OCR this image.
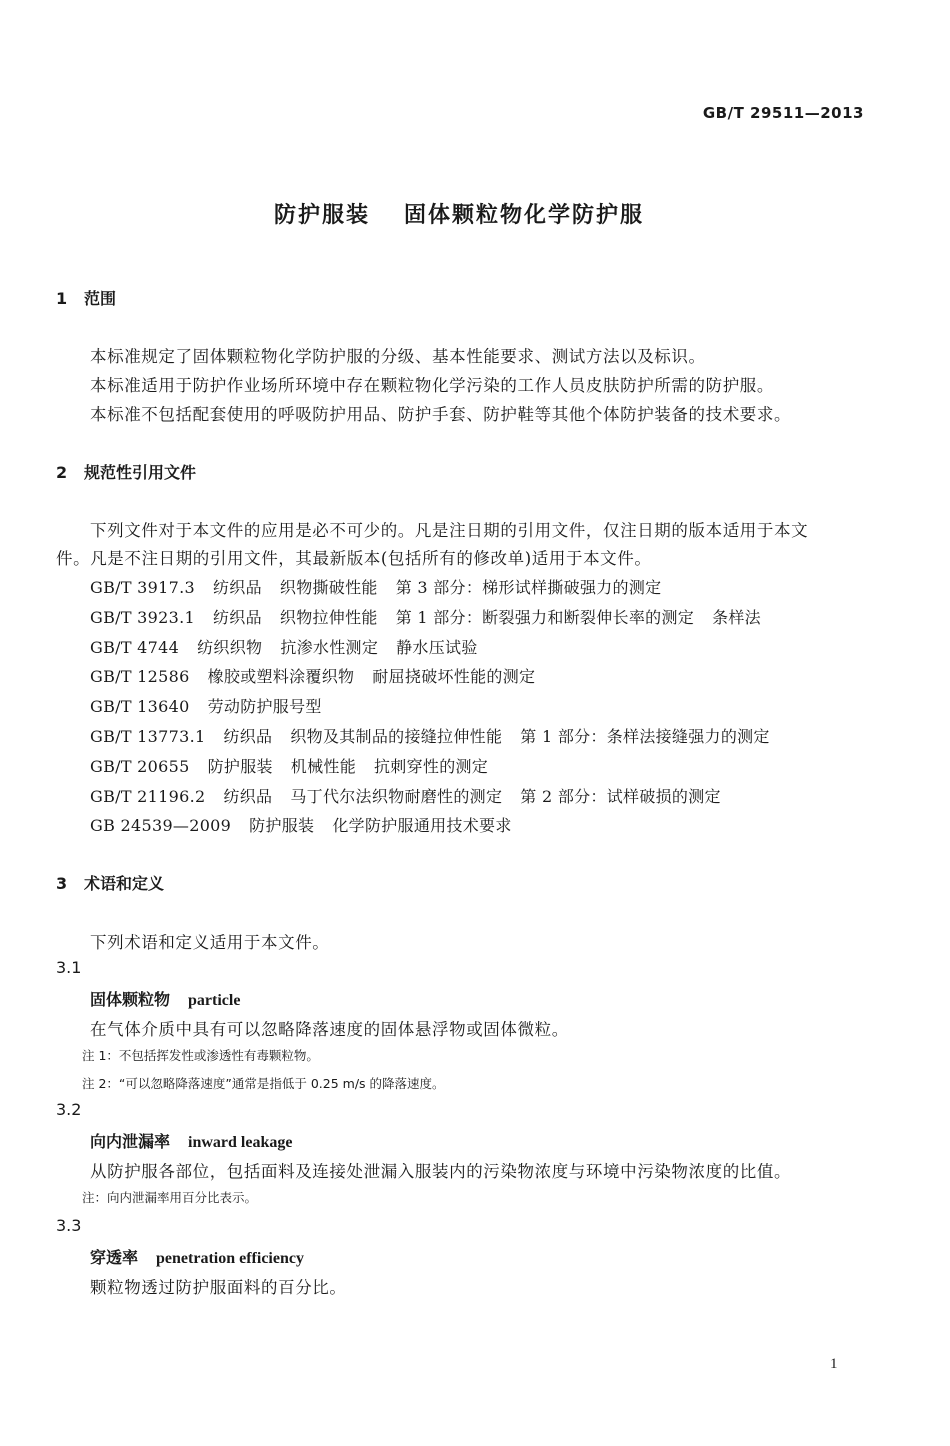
GB/T 29511—2013
防护服装 固体颗粒物化学防护服
1 范围
本标准规定了固体颗粒物化学防护服的分级、基本性能要求、测试方法以及标识。
本标准适用于防护作业场所环境中存在颗粒物化学污染的工作人员皮肤防护所需的防护服。
本标准不包括配套使用的呼吸防护用品、防护手套、防护鞋等其他个体防护装备的技术要求。
2 规范性引用文件
下列文件对于本文件的应用是必不可少的。凡是注日期的引用文件，仅注日期的版本适用于本文
件。凡是不注日期的引用文件，其最新版本(包括所有的修改单)适用于本文件。
GB/T 3917.3 纺织品 织物撕破性能 第 3 部分：梯形试样撕破强力的测定
GB/T 3923.1 纺织品 织物拉伸性能 第 1 部分：断裂强力和断裂伸长率的测定 条样法
GB/T 4744 纺织织物 抗渗水性测定 静水压试验
GB/T 12586 橡胶或塑料涂覆织物 耐屈挠破坏性能的测定
GB/T 13640 劳动防护服号型
GB/T 13773.1 纺织品 织物及其制品的接缝拉伸性能 第 1 部分：条样法接缝强力的测定
GB/T 20655 防护服装 机械性能 抗刺穿性的测定
GB/T 21196.2 纺织品 马丁代尔法织物耐磨性的测定 第 2 部分：试样破损的测定
GB 24539—2009 防护服装 化学防护服通用技术要求
3 术语和定义
下列术语和定义适用于本文件。
3.1
固体颗粒物 particle
在气体介质中具有可以忽略降落速度的固体悬浮物或固体微粒。
注 1：不包括挥发性或渗透性有毒颗粒物。
注 2：“可以忽略降落速度”通常是指低于 0.25 m/s 的降落速度。
3.2
向内泄漏率 inward leakage
从防护服各部位，包括面料及连接处泄漏入服装内的污染物浓度与环境中污染物浓度的比值。
注：向内泄漏率用百分比表示。
3.3
穿透率 penetration efficiency
颗粒物透过防护服面料的百分比。
1
